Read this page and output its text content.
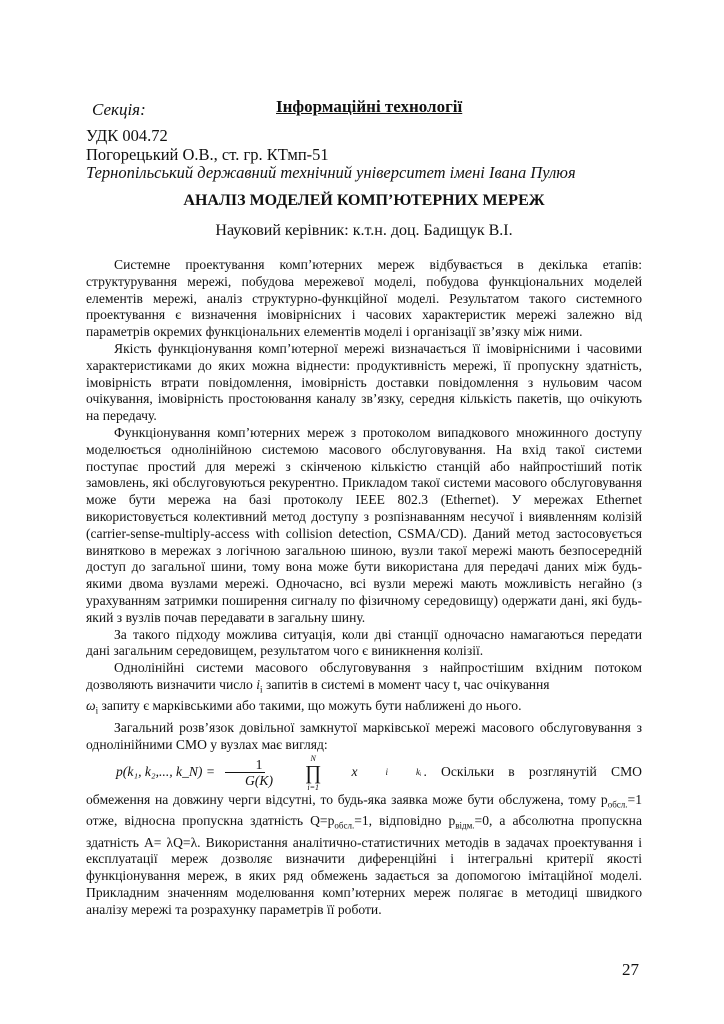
Секція:	Інформаційні технології
УДК 004.72
Погорецький О.В., ст. гр. КТмп-51
Тернопільський державний технічний університет імені Івана Пулюя
АНАЛІЗ МОДЕЛЕЙ КОМП’ЮТЕРНИХ МЕРЕЖ
Науковий керівник: к.т.н. доц. Бадищук В.І.

Системне проектування комп’ютерних мереж відбувається в декілька етапів: структурування мережі, побудова мережевої моделі, побудова функціональних моделей елементів мережі, аналіз структурно-функційної моделі. Результатом такого системного проектування є визначення імовірнісних і часових характеристик мережі залежно від параметрів окремих функціональних елементів моделі і організації зв’язку між ними.

Якість функціонування комп’ютерної мережі визначається її імовірнісними і часовими характеристиками до яких можна віднести: продуктивність мережі, її пропускну здатність, імовірність втрати повідомлення, імовірність доставки повідомлення з нульовим часом очікування, імовірність простоювання каналу зв’язку, середня кількість пакетів, що очікують на передачу.

Функціонування комп’ютерних мереж з протоколом випадкового множинного доступу моделюється однолінійною системою масового обслуговування. На вхід такої системи поступає простий для мережі з скінченою кількістю станцій або найпростіший потік замовлень, які обслуговуються рекурентно. Прикладом такої системи масового обслуговування може бути мережа на базі протоколу IEEE 802.3 (Ethernet). У мережах Ethernet використовується колективний метод доступу з розпізнаванням несучої і виявленням колізій (carrier-sense-multiply-access with collision detection, CSMA/CD). Даний метод застосовується винятково в мережах з логічною загальною шиною, вузли такої мережі мають безпосередній доступ до загальної шини, тому вона може бути використана для передачі даних між будь-якими двома вузлами мережі. Одночасно, всі вузли мережі мають можливість негайно (з урахуванням затримки поширення сигналу по фізичному середовищу) одержати дані, які будь-який з вузлів почав передавати в загальну шину.

За такого підходу можлива ситуація, коли дві станції одночасно намагаються передати дані загальним середовищем, результатом чого є виникнення колізії.

Однолінійні системи масового обслуговування з найпростішим вхідним потоком дозволяють визначити число $i_i$ запитів в системі в момент часу t, час очікування
$\omega_i$ запиту є марківськими або такими, що можуть бути наближені до нього.

Загальний розв’язок довільної замкнутої марківської мережі масового обслуговування з однолінійними СМО у вузлах має вигляд:

p(k₁, k₂,..., k_N) = $\frac{1}{G(K)}$	N
∏
i=1
x	i	kᵢ . Оскільки в розглянутій СМО обмеження на довжину черги відсутні, то будь-яка заявка може бути обслужена, тому $p_{обсл.}=1$ отже, відносна пропускна здатність $Q=p_{обсл.}=1$, відповідно $p_{відм.}=0$, а абсолютна пропускна здатність A= λQ=λ. Використання аналітично-статистичних методів в задачах проектування і експлуатації мереж дозволяє визначити диференційні і інтегральні критерії якості функціонування мереж, в яких ряд обмежень задається за допомогою імітаційної моделі. Прикладним значенням моделювання комп’ютерних мереж полягає в методиці швидкого аналізу мережі та розрахунку параметрів її роботи.

27
